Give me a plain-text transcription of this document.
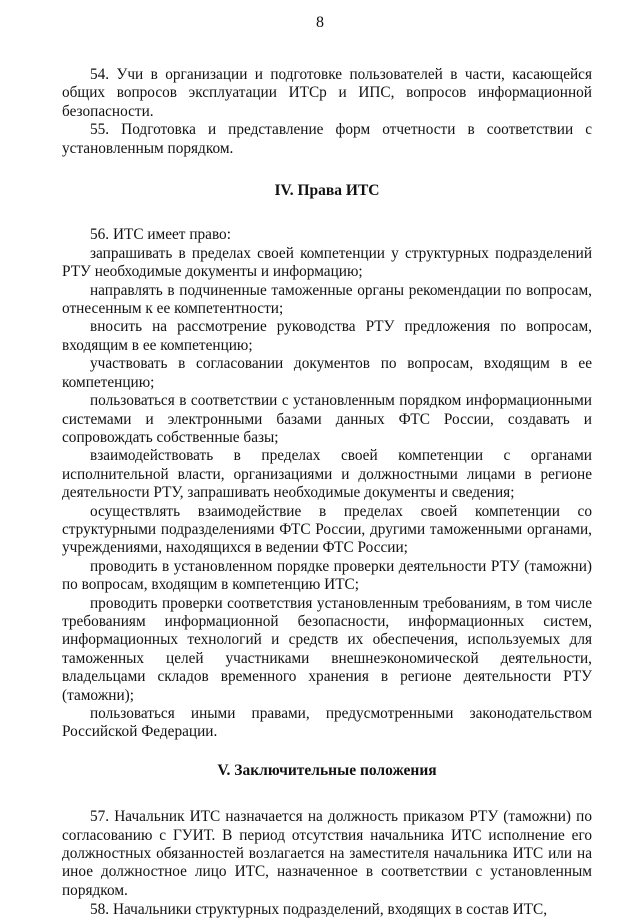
8

54. Учи в организации и подготовке пользователей в части, касающейся общих вопросов эксплуатации ИТСр и ИПС, вопросов информационной безопасности.

55. Подготовка и представление форм отчетности в соответствии с установленным порядком.

IV. Права ИТС

56. ИТС имеет право:

запрашивать в пределах своей компетенции у структурных подразделений РТУ необходимые документы и информацию;

направлять в подчиненные таможенные органы рекомендации по вопросам, отнесенным к ее компетентности;

вносить на рассмотрение руководства РТУ предложения по вопросам, входящим в ее компетенцию;

участвовать в согласовании документов по вопросам, входящим в ее компетенцию;

пользоваться в соответствии с установленным порядком информационными системами и электронными базами данных ФТС России, создавать и сопровождать собственные базы;

взаимодействовать в пределах своей компетенции с органами исполнительной власти, организациями и должностными лицами в регионе деятельности РТУ, запрашивать необходимые документы и сведения;

осуществлять взаимодействие в пределах своей компетенции со структурными подразделениями ФТС России, другими таможенными органами, учреждениями, находящихся в ведении ФТС России;

проводить в установленном порядке проверки деятельности РТУ (таможни) по вопросам, входящим в компетенцию ИТС;

проводить проверки соответствия установленным требованиям, в том числе требованиям информационной безопасности, информационных систем, информационных технологий и средств их обеспечения, используемых для таможенных целей участниками внешнеэкономической деятельности, владельцами складов временного хранения в регионе деятельности РТУ (таможни);

пользоваться иными правами, предусмотренными законодательством Российской Федерации.

V. Заключительные положения

57. Начальник ИТС назначается на должность приказом РТУ (таможни) по согласованию с ГУИТ. В период отсутствия начальника ИТС исполнение его должностных обязанностей возлагается на заместителя начальника ИТС или на иное должностное лицо ИТС, назначенное в соответствии с установленным порядком.

58. Начальники структурных подразделений, входящих в состав ИТС,
